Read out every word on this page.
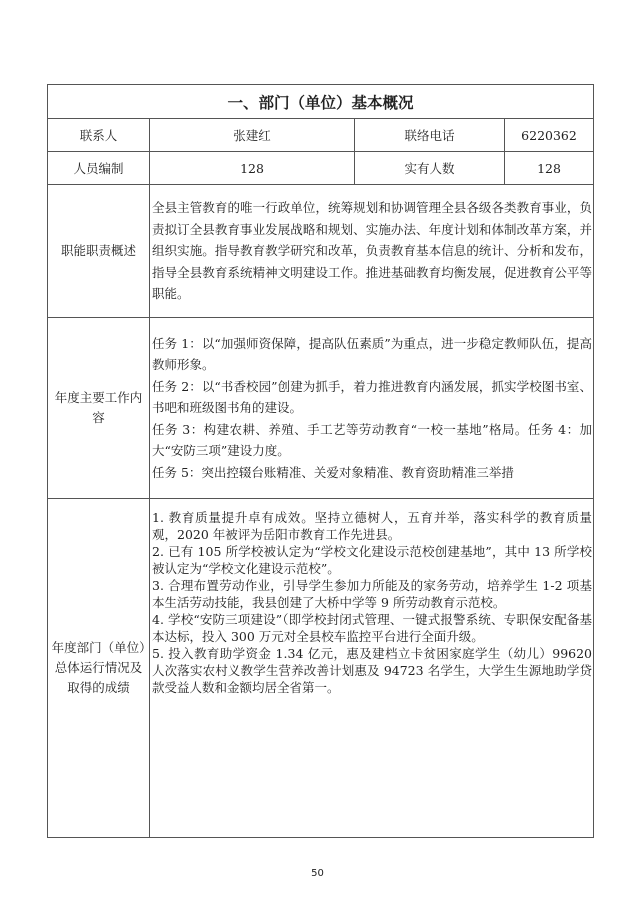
一、部门（单位）基本概况			
联系人	张建红	联络电话	6220362
人员编制	128	实有人数	128
职能职责概述	全县主管教育的唯一行政单位，统筹规划和协调管理全县各级各类教育事业，负责拟订全县教育事业发展战略和规划、实施办法、年度计划和体制改革方案，并组织实施。指导教育教学研究和改革，负责教育基本信息的统计、分析和发布， 指导全县教育系统精神文明建设工作。推进基础教育均衡发展，促进教育公平等职能。		

年度主要工作内容	任务 1：以“加强师资保障，提高队伍素质”为重点，进一步稳定教师队伍，提高教师形象。

任务 2：以“书香校园”创建为抓手，着力推进教育内涵发展，抓实学校图书室、书吧和班级图书角的建设。

任务 3：构建农耕、养殖、手工艺等劳动教育“一校一基地”格局。任务 4：加大“安防三项”建设力度。

任务 5：突出控辍台账精准、关爱对象精准、教育资助精准三举措		

年度部门（单位）总体运行情况及取得的成绩	1. 教育质量提升卓有成效。坚持立德树人，五育并举，落实科学的教育质量观，2020 年被评为岳阳市教育工作先进县。

2. 已有 105 所学校被认定为“学校文化建设示范校创建基地”，其中 13 所学校被认定为“学校文化建设示范校”。

3. 合理布置劳动作业，引导学生参加力所能及的家务劳动，培养学生 1-2 项基本生活劳动技能，我县创建了大桥中学等 9 所劳动教育示范校。

4. 学校“安防三项建设”（即学校封闭式管理、一键式报警系统、专职保安配备基本达标，投入 300 万元对全县校车监控平台进行全面升级。

5. 投入教育助学资金 1.34 亿元，惠及建档立卡贫困家庭学生（幼儿）99620 人次落实农村义教学生营养改善计划惠及 94723 名学生，大学生生源地助学贷款受益人数和金额均居全省第一。		

50
